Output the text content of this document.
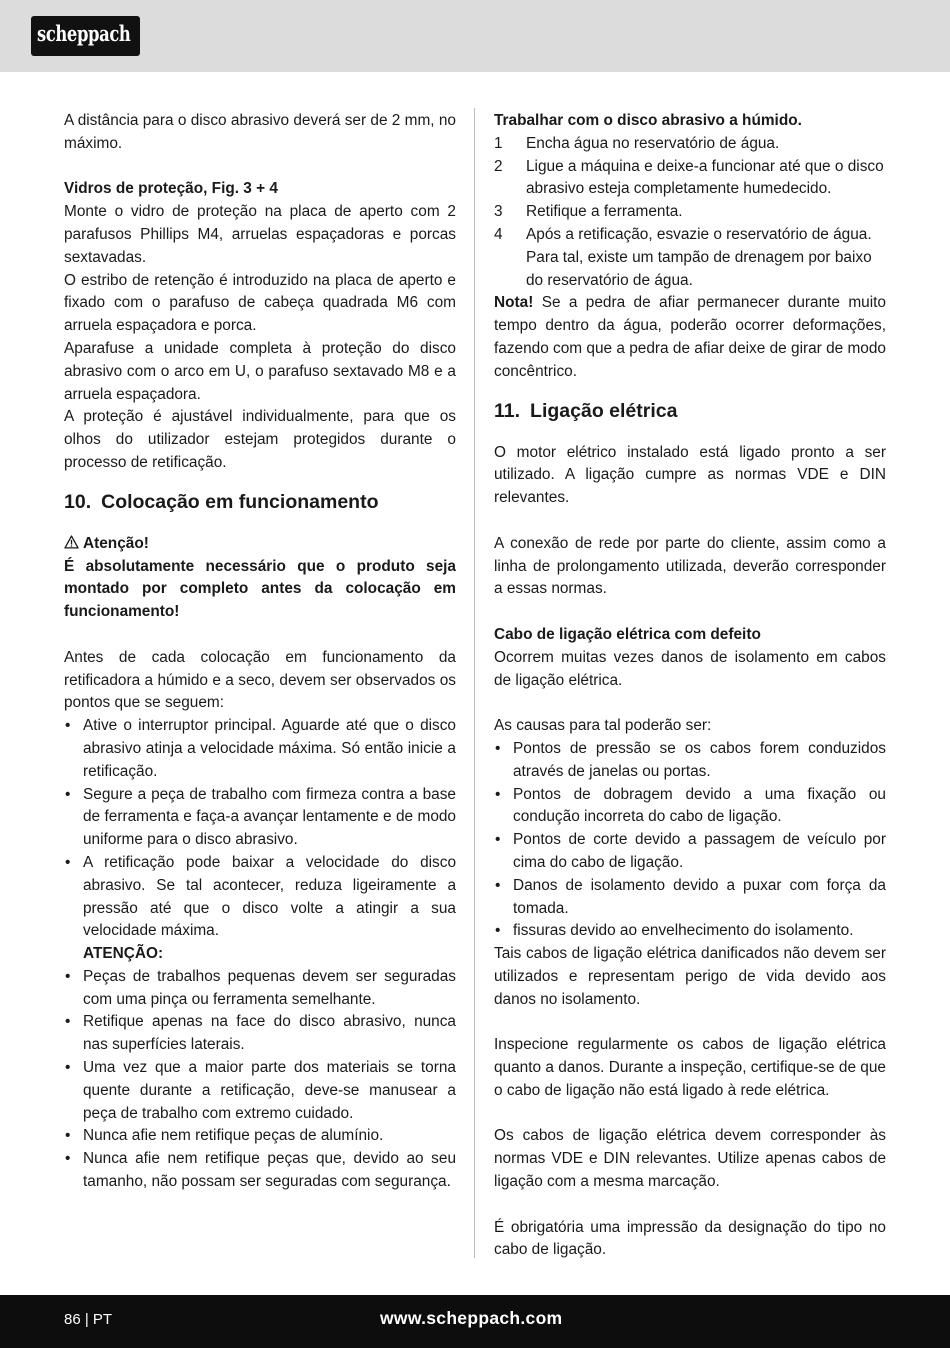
scheppach

A distância para o disco abrasivo deverá ser de 2 mm, no máximo.

Vidros de proteção, Fig. 3 + 4

Monte o vidro de proteção na placa de aperto com 2 parafusos Phillips M4, arruelas espaçadoras e porcas sextavadas.

O estribo de retenção é introduzido na placa de aperto e fixado com o parafuso de cabeça quadrada M6 com arruela espaçadora e porca.

Aparafuse a unidade completa à proteção do disco abrasivo com o arco em U, o parafuso sextavado M8 e a arruela espaçadora.

A proteção é ajustável individualmente, para que os olhos do utilizador estejam protegidos durante o processo de retificação.

10. Colocação em funcionamento

Atenção!

É absolutamente necessário que o produto seja montado por completo antes da colocação em funcionamento!

Antes de cada colocação em funcionamento da retificadora a húmido e a seco, devem ser observados os pontos que se seguem:

• Ative o interruptor principal. Aguarde até que o disco abrasivo atinja a velocidade máxima. Só então inicie a retificação.
• Segure a peça de trabalho com firmeza contra a base de ferramenta e faça-a avançar lentamente e de modo uniforme para o disco abrasivo.
• A retificação pode baixar a velocidade do disco abrasivo. Se tal acontecer, reduza ligeiramente a pressão até que o disco volte a atingir a sua velocidade máxima.

ATENÇÃO:

• Peças de trabalhos pequenas devem ser seguradas com uma pinça ou ferramenta semelhante.
• Retifique apenas na face do disco abrasivo, nunca nas superfícies laterais.
• Uma vez que a maior parte dos materiais se torna quente durante a retificação, deve-se manusear a peça de trabalho com extremo cuidado.
• Nunca afie nem retifique peças de alumínio.
• Nunca afie nem retifique peças que, devido ao seu tamanho, não possam ser seguradas com segurança.

Trabalhar com o disco abrasivo a húmido.

1 Encha água no reservatório de água.
2 Ligue a máquina e deixe-a funcionar até que o disco abrasivo esteja completamente humedecido.
3 Retifique a ferramenta.
4 Após a retificação, esvazie o reservatório de água. Para tal, existe um tampão de drenagem por baixo do reservatório de água.

Nota! Se a pedra de afiar permanecer durante muito tempo dentro da água, poderão ocorrer deformações, fazendo com que a pedra de afiar deixe de girar de modo concêntrico.

11. Ligação elétrica

O motor elétrico instalado está ligado pronto a ser utilizado. A ligação cumpre as normas VDE e DIN relevantes.

A conexão de rede por parte do cliente, assim como a linha de prolongamento utilizada, deverão corresponder a essas normas.

Cabo de ligação elétrica com defeito

Ocorrem muitas vezes danos de isolamento em cabos de ligação elétrica.

As causas para tal poderão ser:

• Pontos de pressão se os cabos forem conduzidos através de janelas ou portas.
• Pontos de dobragem devido a uma fixação ou condução incorreta do cabo de ligação.
• Pontos de corte devido a passagem de veículo por cima do cabo de ligação.
• Danos de isolamento devido a puxar com força da tomada.
• fissuras devido ao envelhecimento do isolamento.

Tais cabos de ligação elétrica danificados não devem ser utilizados e representam perigo de vida devido aos danos no isolamento.

Inspecione regularmente os cabos de ligação elétrica quanto a danos. Durante a inspeção, certifique-se de que o cabo de ligação não está ligado à rede elétrica.

Os cabos de ligação elétrica devem corresponder às normas VDE e DIN relevantes. Utilize apenas cabos de ligação com a mesma marcação.

É obrigatória uma impressão da designação do tipo no cabo de ligação.

86 | PT	www.scheppach.com
